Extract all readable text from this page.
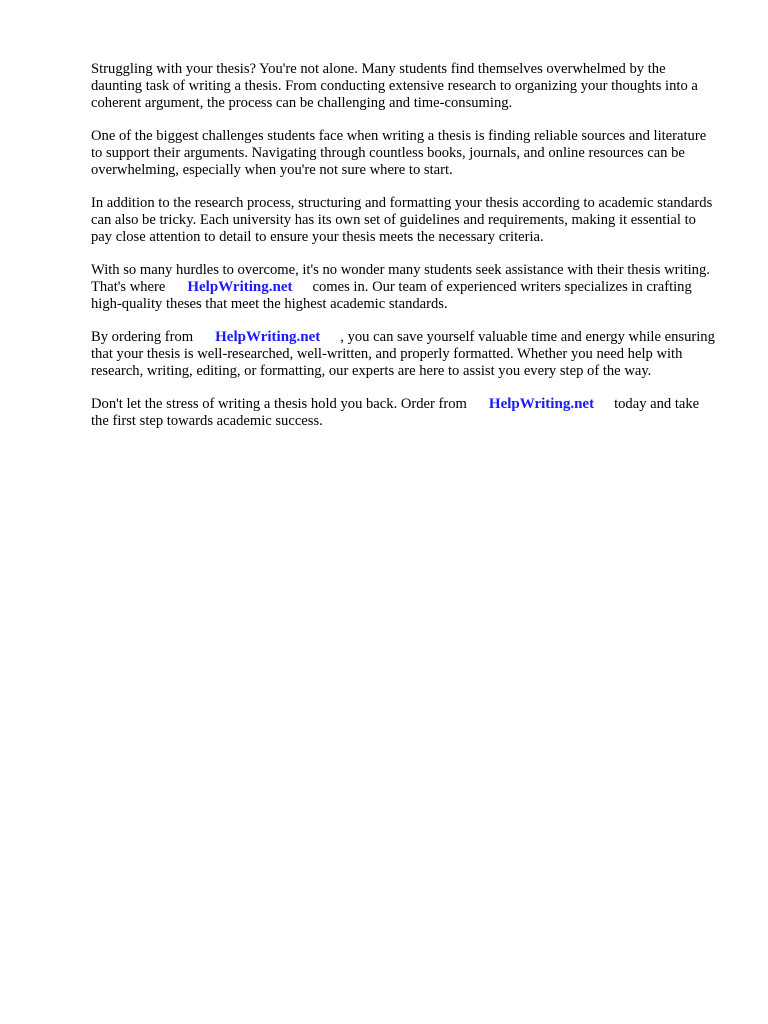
Struggling with your thesis? You're not alone. Many students find themselves overwhelmed by the daunting task of writing a thesis. From conducting extensive research to organizing your thoughts into a coherent argument, the process can be challenging and time-consuming.

One of the biggest challenges students face when writing a thesis is finding reliable sources and literature to support their arguments. Navigating through countless books, journals, and online resources can be overwhelming, especially when you're not sure where to start.

In addition to the research process, structuring and formatting your thesis according to academic standards can also be tricky. Each university has its own set of guidelines and requirements, making it essential to pay close attention to detail to ensure your thesis meets the necessary criteria.

With so many hurdles to overcome, it's no wonder many students seek assistance with their thesis writing. That's where HelpWriting.net comes in. Our team of experienced writers specializes in crafting high-quality theses that meet the highest academic standards.

By ordering from HelpWriting.net , you can save yourself valuable time and energy while ensuring that your thesis is well-researched, well-written, and properly formatted. Whether you need help with research, writing, editing, or formatting, our experts are here to assist you every step of the way.

Don't let the stress of writing a thesis hold you back. Order from HelpWriting.net today and take the first step towards academic success.
